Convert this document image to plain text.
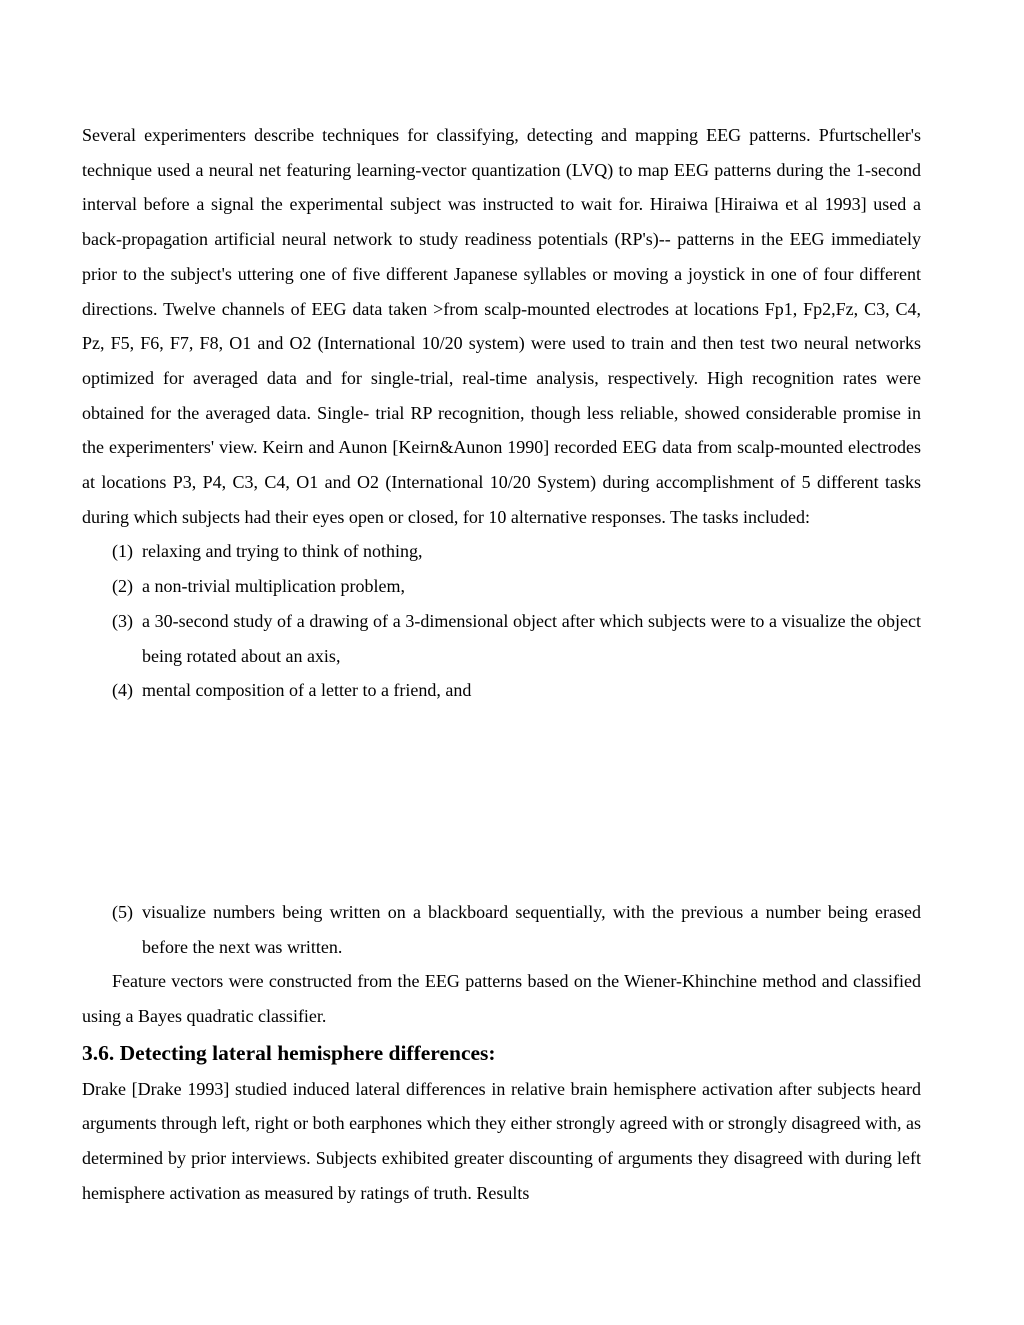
Several experimenters describe techniques for classifying, detecting and mapping EEG patterns. Pfurtscheller's technique used a neural net featuring learning-vector quantization (LVQ) to map EEG patterns during the 1-second interval before a signal the experimental subject was instructed to wait for. Hiraiwa [Hiraiwa et al 1993] used a back-propagation artificial neural network to study readiness potentials (RP's)-- patterns in the EEG immediately prior to the subject's uttering one of five different Japanese syllables or moving a joystick in one of four different directions. Twelve channels of EEG data taken >from scalp-mounted electrodes at locations Fp1, Fp2,Fz, C3, C4, Pz, F5, F6, F7, F8, O1 and O2 (International 10/20 system) were used to train and then test two neural networks optimized for averaged data and for single-trial, real-time analysis, respectively. High recognition rates were obtained for the averaged data. Single- trial RP recognition, though less reliable, showed considerable promise in the experimenters' view. Keirn and Aunon [Keirn&Aunon 1990] recorded EEG data from scalp-mounted electrodes at locations P3, P4, C3, C4, O1 and O2 (International 10/20 System) during accomplishment of 5 different tasks during which subjects had their eyes open or closed, for 10 alternative responses. The tasks included:

(1) relaxing and trying to think of nothing,
(2) a non-trivial multiplication problem,
(3) a 30-second study of a drawing of a 3-dimensional object after which subjects were to a visualize the object being rotated about an axis,
(4) mental composition of a letter to a friend, and
(5) visualize numbers being written on a blackboard sequentially, with the previous a number being erased before the next was written.

Feature vectors were constructed from the EEG patterns based on the Wiener-Khinchine method and classified using a Bayes quadratic classifier.

3.6. Detecting lateral hemisphere differences:

Drake [Drake 1993] studied induced lateral differences in relative brain hemisphere activation after subjects heard arguments through left, right or both earphones which they either strongly agreed with or strongly disagreed with, as determined by prior interviews. Subjects exhibited greater discounting of arguments they disagreed with during left hemisphere activation as measured by ratings of truth. Results
